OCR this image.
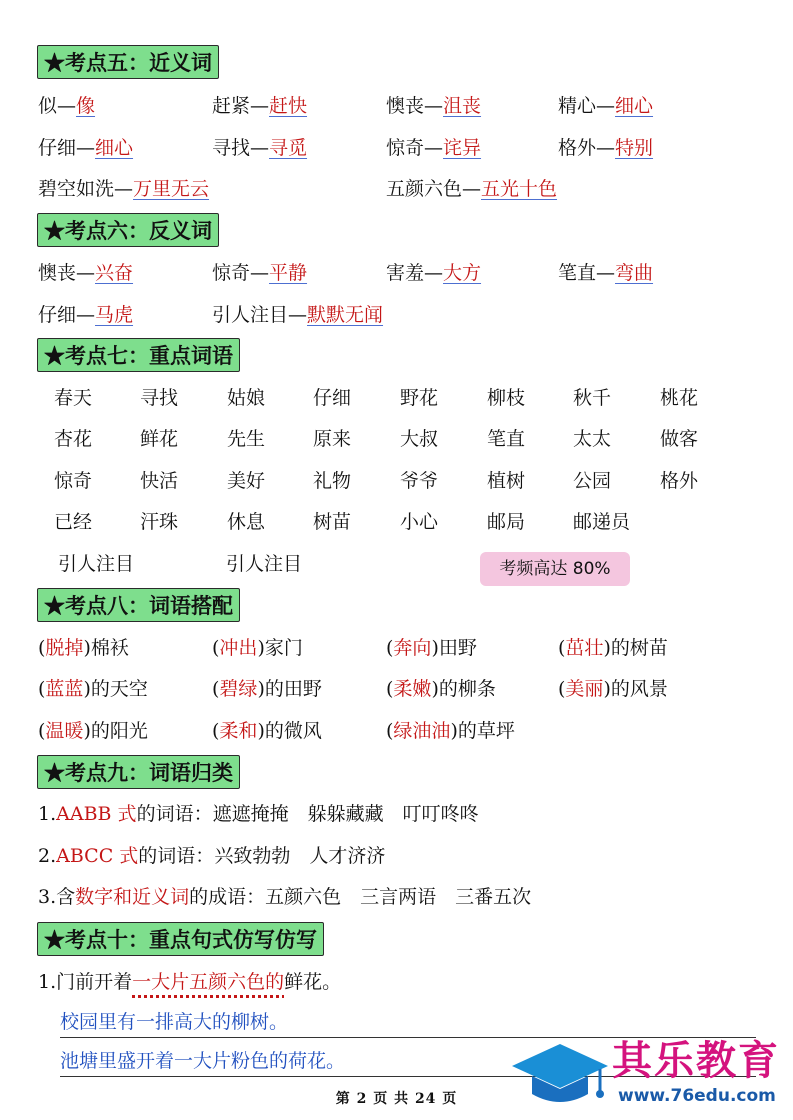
★考点五：近义词
似—像	赶紧—赶快	懊丧—沮丧	精心—细心
仔细—细心	寻找—寻觅	惊奇—诧异	格外—特别
碧空如洗—万里无云	五颜六色—五光十色
★考点六：反义词
懊丧—兴奋	惊奇—平静	害羞—大方	笔直—弯曲
仔细—马虎	引人注目—默默无闻
★考点七：重点词语
春天	寻找	姑娘	仔细	野花	柳枝	秋千	桃花
杏花	鲜花	先生	原来	大叔	笔直	太太	做客
惊奇	快活	美好	礼物	爷爷	植树	公园	格外
已经	汗珠	休息	树苗	小心	邮局	邮递员
引人注目	引人注目	考频高达 80%
★考点八：词语搭配
(脱掉)棉袄	(冲出)家门	(奔向)田野	(茁壮)的树苗
(蓝蓝)的天空	(碧绿)的田野	(柔嫩)的柳条	(美丽)的风景
(温暖)的阳光	(柔和)的微风	(绿油油)的草坪
★考点九：词语归类
1.AABB 式的词语：遮遮掩掩　躲躲藏藏　叮叮咚咚
2.ABCC 式的词语：兴致勃勃　人才济济
3.含数字和近义词的成语：五颜六色　三言两语　三番五次
★考点十：重点句式仿写仿写
1.门前开着一大片五颜六色的鲜花。
校园里有一排高大的柳树。
池塘里盛开着一大片粉色的荷花。	其乐教育
www.76edu.com
第 2 页 共 24 页
